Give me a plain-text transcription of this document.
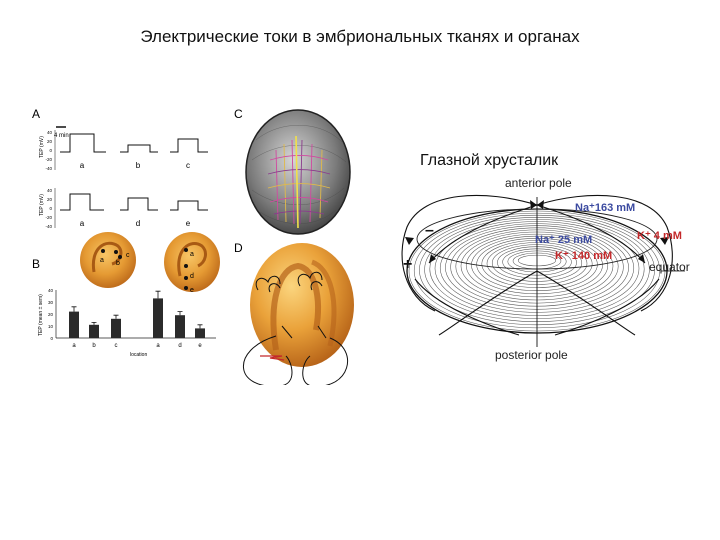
Электрические токи в эмбриональных тканях и органах
A
B
C
D
4 min
TEP (mV)
TEP (mV)
40
20
0
-20
-40
40
20
0
-20
-40
a	b	c
a	d	e
a b
c	a
d
e
TEP (mean ± sem)
location
40
30
20
10
0
a	b	c	a	d	e
Глазной хрусталик
anterior pole
posterior pole
equator
+
–
Na⁺163 mM
Na⁺ 25 mM
K⁺ 140 mM
K⁺ 4 mM
